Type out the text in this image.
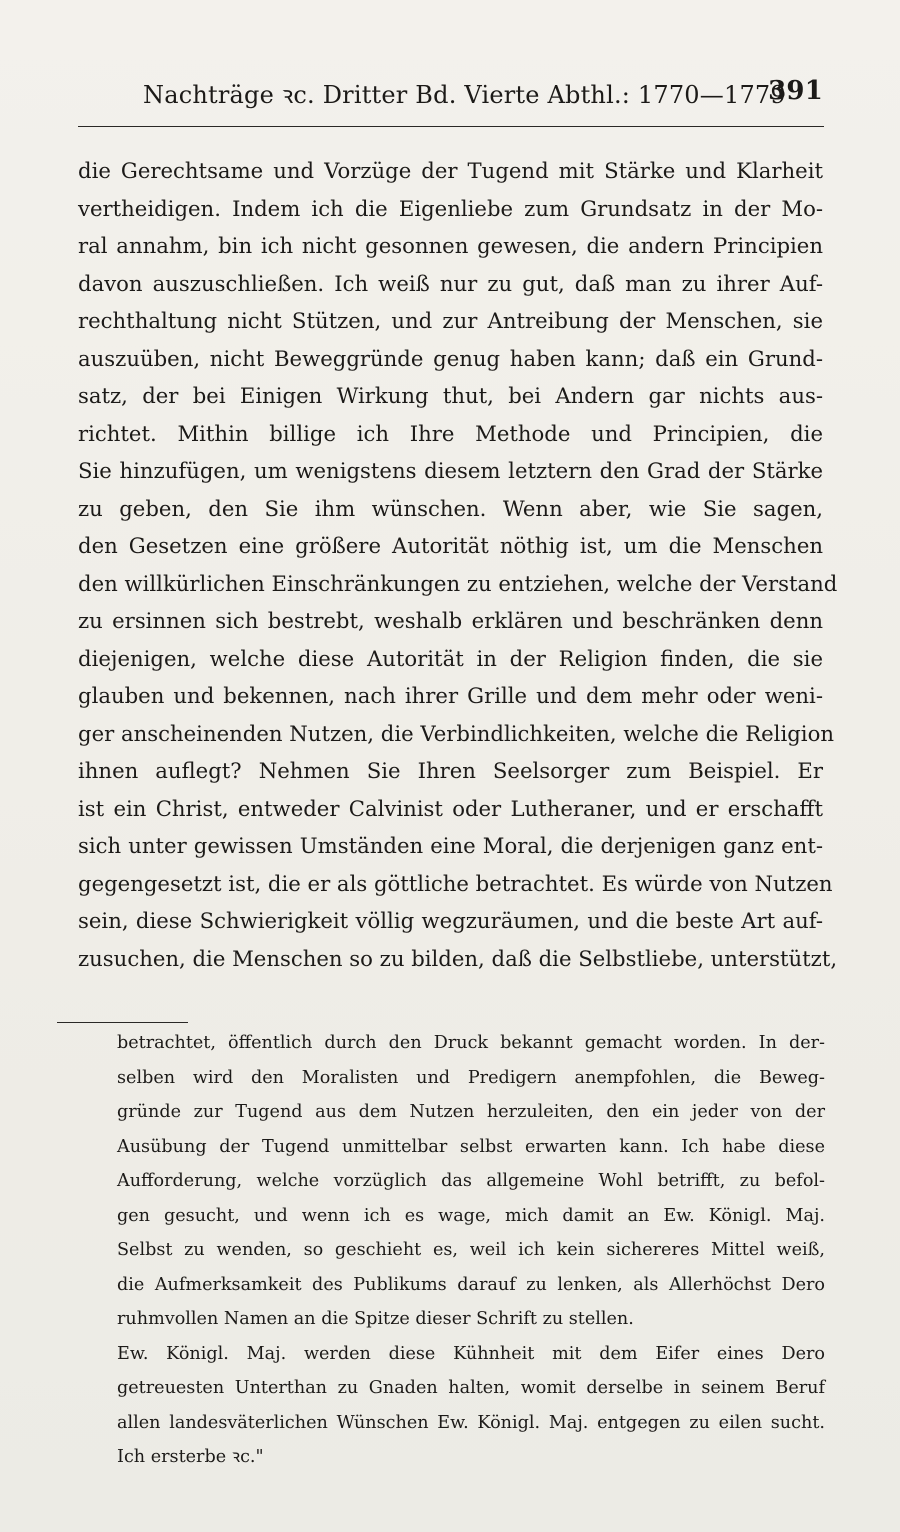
Nachträge ꝛc. Dritter Bd. Vierte Abthl.: 1770—1779
391
die Gerechtsame und Vorzüge der Tugend mit Stärke und Klarheit
vertheidigen. Indem ich die Eigenliebe zum Grundsatz in der Mo-
ral annahm, bin ich nicht gesonnen gewesen, die andern Principien
davon auszuschließen. Ich weiß nur zu gut, daß man zu ihrer Auf-
rechthaltung nicht Stützen, und zur Antreibung der Menschen, sie
auszuüben, nicht Beweggründe genug haben kann; daß ein Grund-
satz, der bei Einigen Wirkung thut, bei Andern gar nichts aus-
richtet. Mithin billige ich Ihre Methode und Principien, die
Sie hinzufügen, um wenigstens diesem letztern den Grad der Stärke
zu geben, den Sie ihm wünschen. Wenn aber, wie Sie sagen,
den Gesetzen eine größere Autorität nöthig ist, um die Menschen
den willkürlichen Einschränkungen zu entziehen, welche der Verstand
zu ersinnen sich bestrebt, weshalb erklären und beschränken denn
diejenigen, welche diese Autorität in der Religion finden, die sie
glauben und bekennen, nach ihrer Grille und dem mehr oder weni-
ger anscheinenden Nutzen, die Verbindlichkeiten, welche die Religion
ihnen auflegt? Nehmen Sie Ihren Seelsorger zum Beispiel. Er
ist ein Christ, entweder Calvinist oder Lutheraner, und er erschafft
sich unter gewissen Umständen eine Moral, die derjenigen ganz ent-
gegengesetzt ist, die er als göttliche betrachtet. Es würde von Nutzen
sein, diese Schwierigkeit völlig wegzuräumen, und die beste Art auf-
zusuchen, die Menschen so zu bilden, daß die Selbstliebe, unterstützt,
betrachtet, öffentlich durch den Druck bekannt gemacht worden. In der-
selben wird den Moralisten und Predigern anempfohlen, die Beweg-
gründe zur Tugend aus dem Nutzen herzuleiten, den ein jeder von der
Ausübung der Tugend unmittelbar selbst erwarten kann. Ich habe diese
Aufforderung, welche vorzüglich das allgemeine Wohl betrifft, zu befol-
gen gesucht, und wenn ich es wage, mich damit an Ew. Königl. Maj.
Selbst zu wenden, so geschieht es, weil ich kein sichereres Mittel weiß,
die Aufmerksamkeit des Publikums darauf zu lenken, als Allerhöchst Dero
ruhmvollen Namen an die Spitze dieser Schrift zu stellen.
Ew. Königl. Maj. werden diese Kühnheit mit dem Eifer eines Dero
getreuesten Unterthan zu Gnaden halten, womit derselbe in seinem Beruf
allen landesväterlichen Wünschen Ew. Königl. Maj. entgegen zu eilen sucht.
Ich ersterbe ꝛc."
